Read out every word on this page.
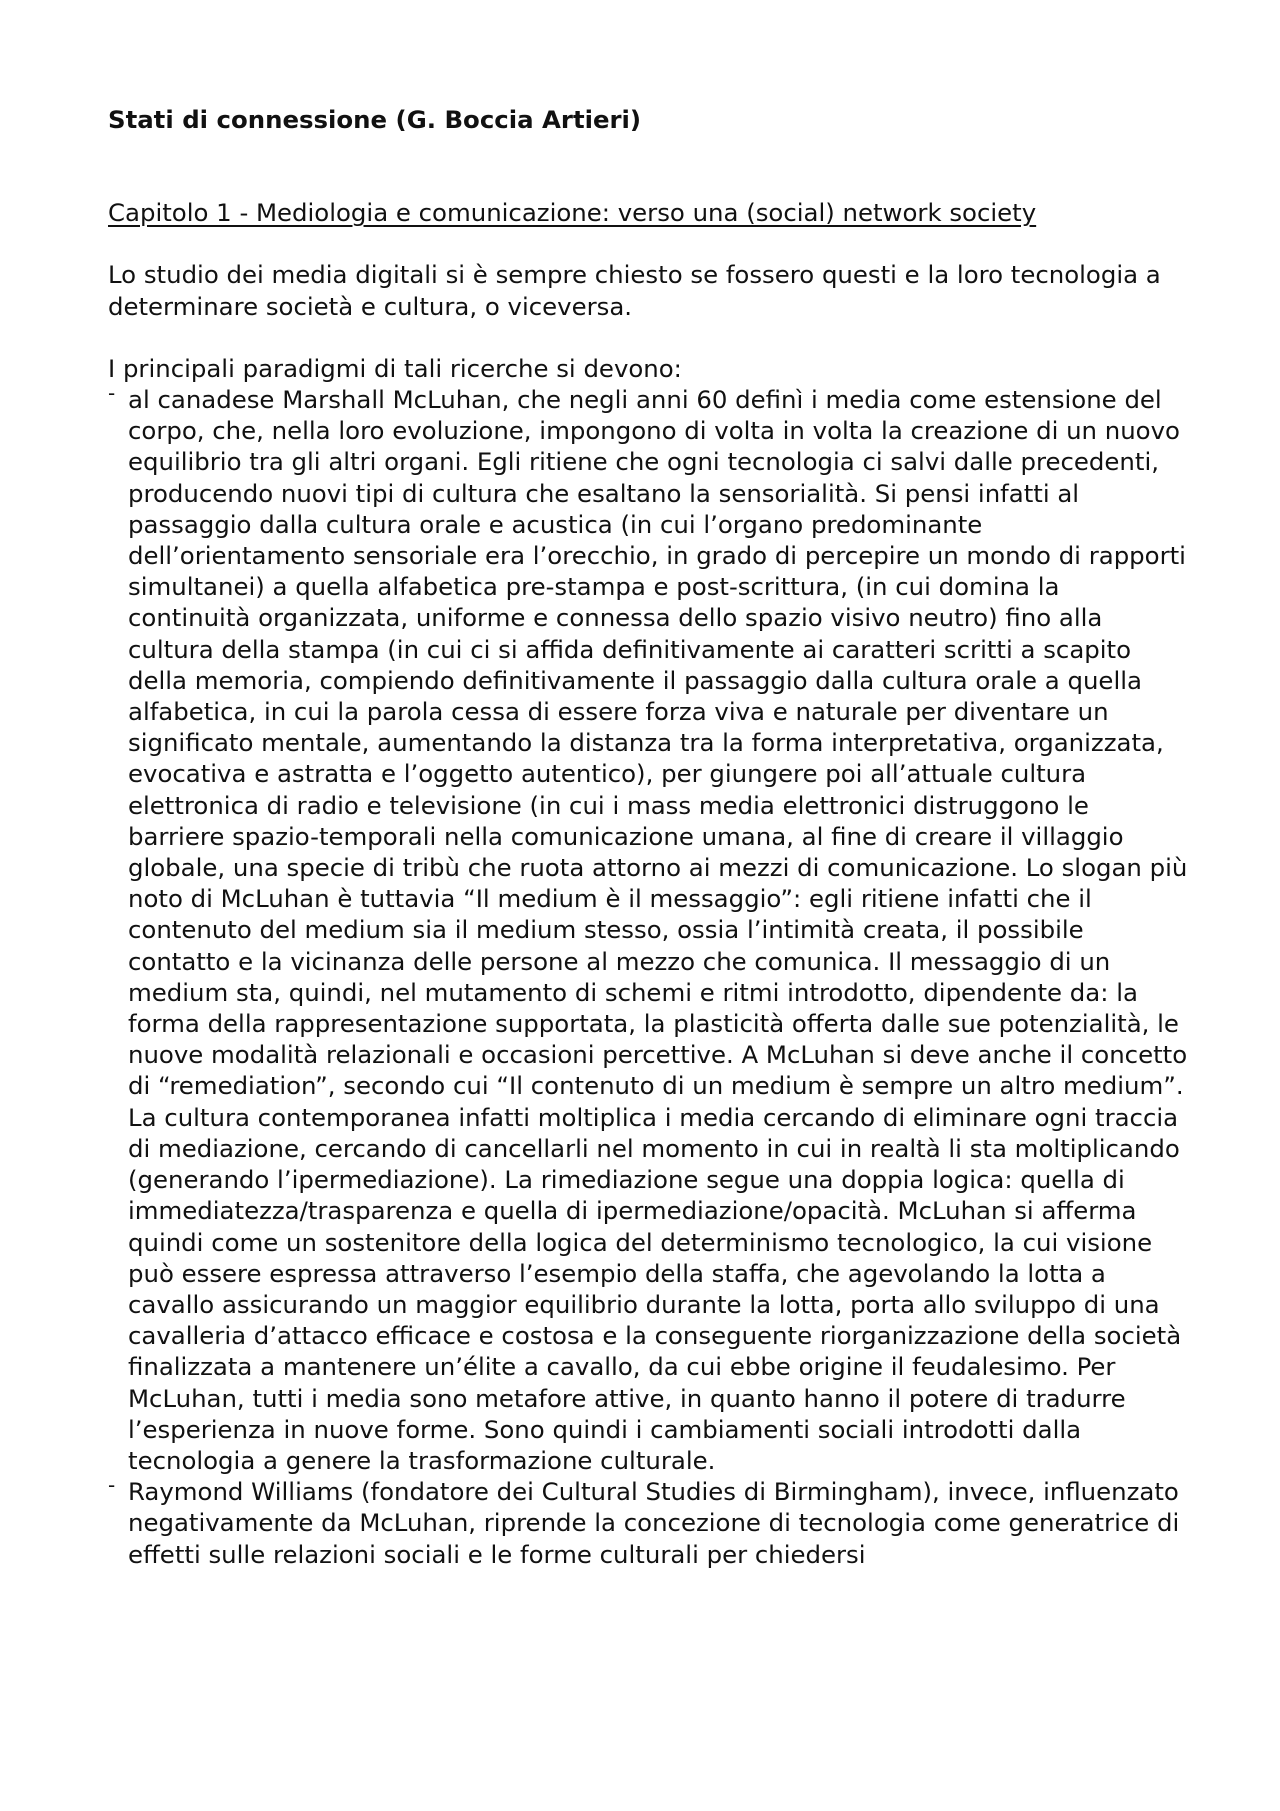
Stati di connessione (G. Boccia Artieri)
Capitolo 1 - Mediologia e comunicazione: verso una (social) network society

Lo studio dei media digitali si è sempre chiesto se fossero questi e la loro tecnologia a determinare società e cultura, o viceversa.

I principali paradigmi di tali ricerche si devono:
- al canadese Marshall McLuhan, che negli anni 60 definì i media come estensione del corpo, che, nella loro evoluzione, impongono di volta in volta la creazione di un nuovo equilibrio tra gli altri organi. Egli ritiene che ogni tecnologia ci salvi dalle precedenti, producendo nuovi tipi di cultura che esaltano la sensorialità. Si pensi infatti al passaggio dalla cultura orale e acustica (in cui l’organo predominante dell’orientamento sensoriale era l’orecchio, in grado di percepire un mondo di rapporti simultanei) a quella alfabetica pre-stampa e post-scrittura, (in cui domina la continuità organizzata, uniforme e connessa dello spazio visivo neutro) fino alla cultura della stampa (in cui ci si affida definitivamente ai caratteri scritti a scapito della memoria, compiendo definitivamente il passaggio dalla cultura orale a quella alfabetica, in cui la parola cessa di essere forza viva e naturale per diventare un significato mentale, aumentando la distanza tra la forma interpretativa, organizzata, evocativa e astratta e l’oggetto autentico), per giungere poi all’attuale cultura elettronica di radio e televisione (in cui i mass media elettronici distruggono le barriere spazio-temporali nella comunicazione umana, al fine di creare il villaggio globale, una specie di tribù che ruota attorno ai mezzi di comunicazione. Lo slogan più noto di McLuhan è tuttavia “Il medium è il messaggio”: egli ritiene infatti che il contenuto del medium sia il medium stesso, ossia l’intimità creata, il possibile contatto e la vicinanza delle persone al mezzo che comunica. Il messaggio di un medium sta, quindi, nel mutamento di schemi e ritmi introdotto, dipendente da: la forma della rappresentazione supportata, la plasticità offerta dalle sue potenzialità, le nuove modalità relazionali e occasioni percettive. A McLuhan si deve anche il concetto di “remediation”, secondo cui “Il contenuto di un medium è sempre un altro medium”. La cultura contemporanea infatti moltiplica i media cercando di eliminare ogni traccia di mediazione, cercando di cancellarli nel momento in cui in realtà li sta moltiplicando (generando l’ipermediazione). La rimediazione segue una doppia logica: quella di immediatezza/trasparenza e quella di ipermediazione/opacità. McLuhan si afferma quindi come un sostenitore della logica del determinismo tecnologico, la cui visione può essere espressa attraverso l’esempio della staffa, che agevolando la lotta a cavallo assicurando un maggior equilibrio durante la lotta, porta allo sviluppo di una cavalleria d’attacco efficace e costosa e la conseguente riorganizzazione della società finalizzata a mantenere un’élite a cavallo, da cui ebbe origine il feudalesimo. Per McLuhan, tutti i media sono metafore attive, in quanto hanno il potere di tradurre l’esperienza in nuove forme. Sono quindi i cambiamenti sociali introdotti dalla tecnologia a genere la trasformazione culturale.
- Raymond Williams (fondatore dei Cultural Studies di Birmingham), invece, influenzato negativamente da McLuhan, riprende la concezione di tecnologia come generatrice di effetti sulle relazioni sociali e le forme culturali per chiedersi
